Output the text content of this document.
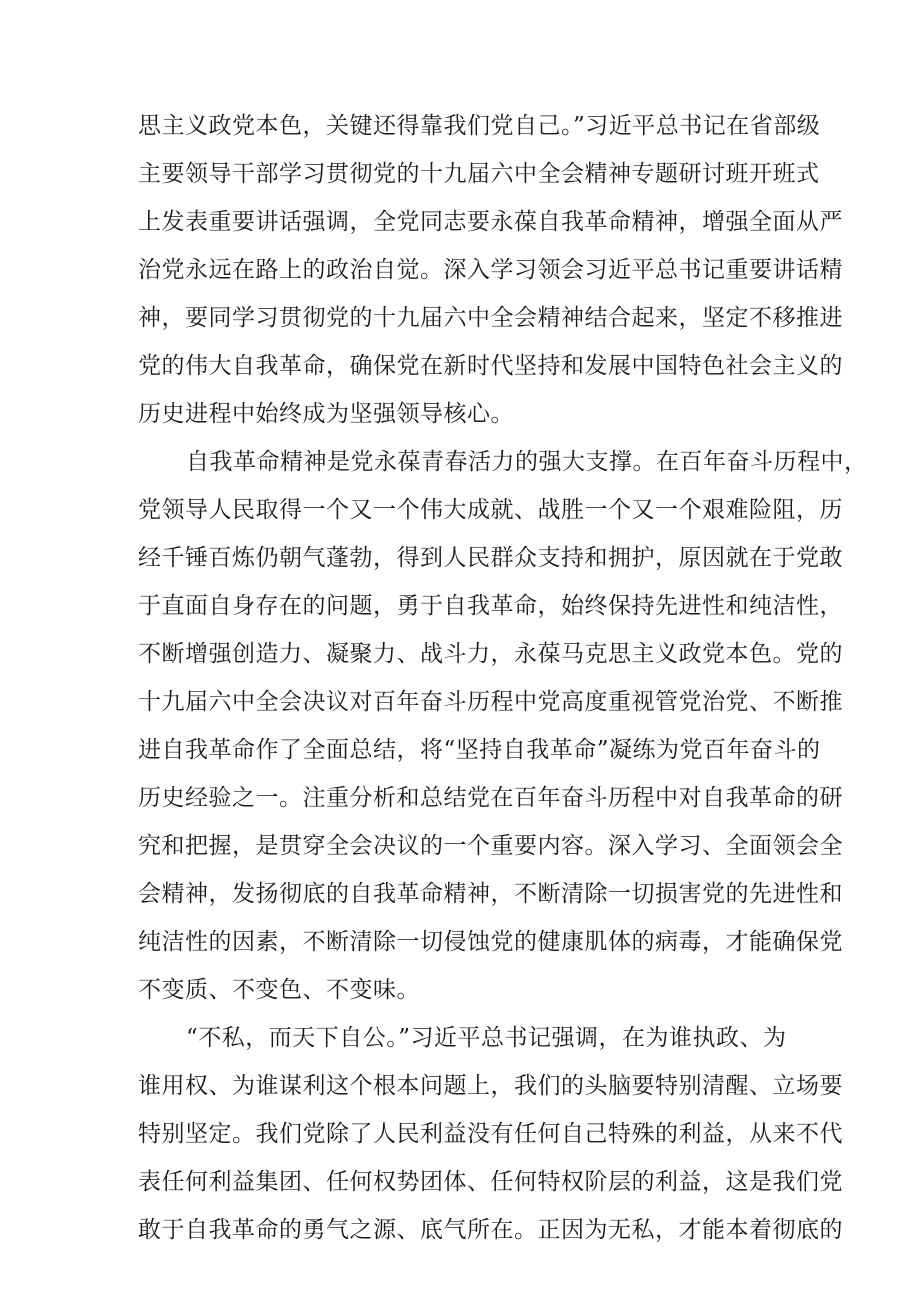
思主义政党本色，关键还得靠我们党自己。”习近平总书记在省部级
主要领导干部学习贯彻党的十九届六中全会精神专题研讨班开班式
上发表重要讲话强调，全党同志要永葆自我革命精神，增强全面从严
治党永远在路上的政治自觉。深入学习领会习近平总书记重要讲话精
神，要同学习贯彻党的十九届六中全会精神结合起来，坚定不移推进
党的伟大自我革命，确保党在新时代坚持和发展中国特色社会主义的
历史进程中始终成为坚强领导核心。
自我革命精神是党永葆青春活力的强大支撑。在百年奋斗历程中，
党领导人民取得一个又一个伟大成就、战胜一个又一个艰难险阻，历
经千锤百炼仍朝气蓬勃，得到人民群众支持和拥护，原因就在于党敢
于直面自身存在的问题，勇于自我革命，始终保持先进性和纯洁性，
不断增强创造力、凝聚力、战斗力，永葆马克思主义政党本色。党的
十九届六中全会决议对百年奋斗历程中党高度重视管党治党、不断推
进自我革命作了全面总结，将“坚持自我革命”凝练为党百年奋斗的
历史经验之一。注重分析和总结党在百年奋斗历程中对自我革命的研
究和把握，是贯穿全会决议的一个重要内容。深入学习、全面领会全
会精神，发扬彻底的自我革命精神，不断清除一切损害党的先进性和
纯洁性的因素，不断清除一切侵蚀党的健康肌体的病毒，才能确保党
不变质、不变色、不变味。
“不私，而天下自公。”习近平总书记强调，在为谁执政、为
谁用权、为谁谋利这个根本问题上，我们的头脑要特别清醒、立场要
特别坚定。我们党除了人民利益没有任何自己特殊的利益，从来不代
表任何利益集团、任何权势团体、任何特权阶层的利益，这是我们党
敢于自我革命的勇气之源、底气所在。正因为无私，才能本着彻底的
